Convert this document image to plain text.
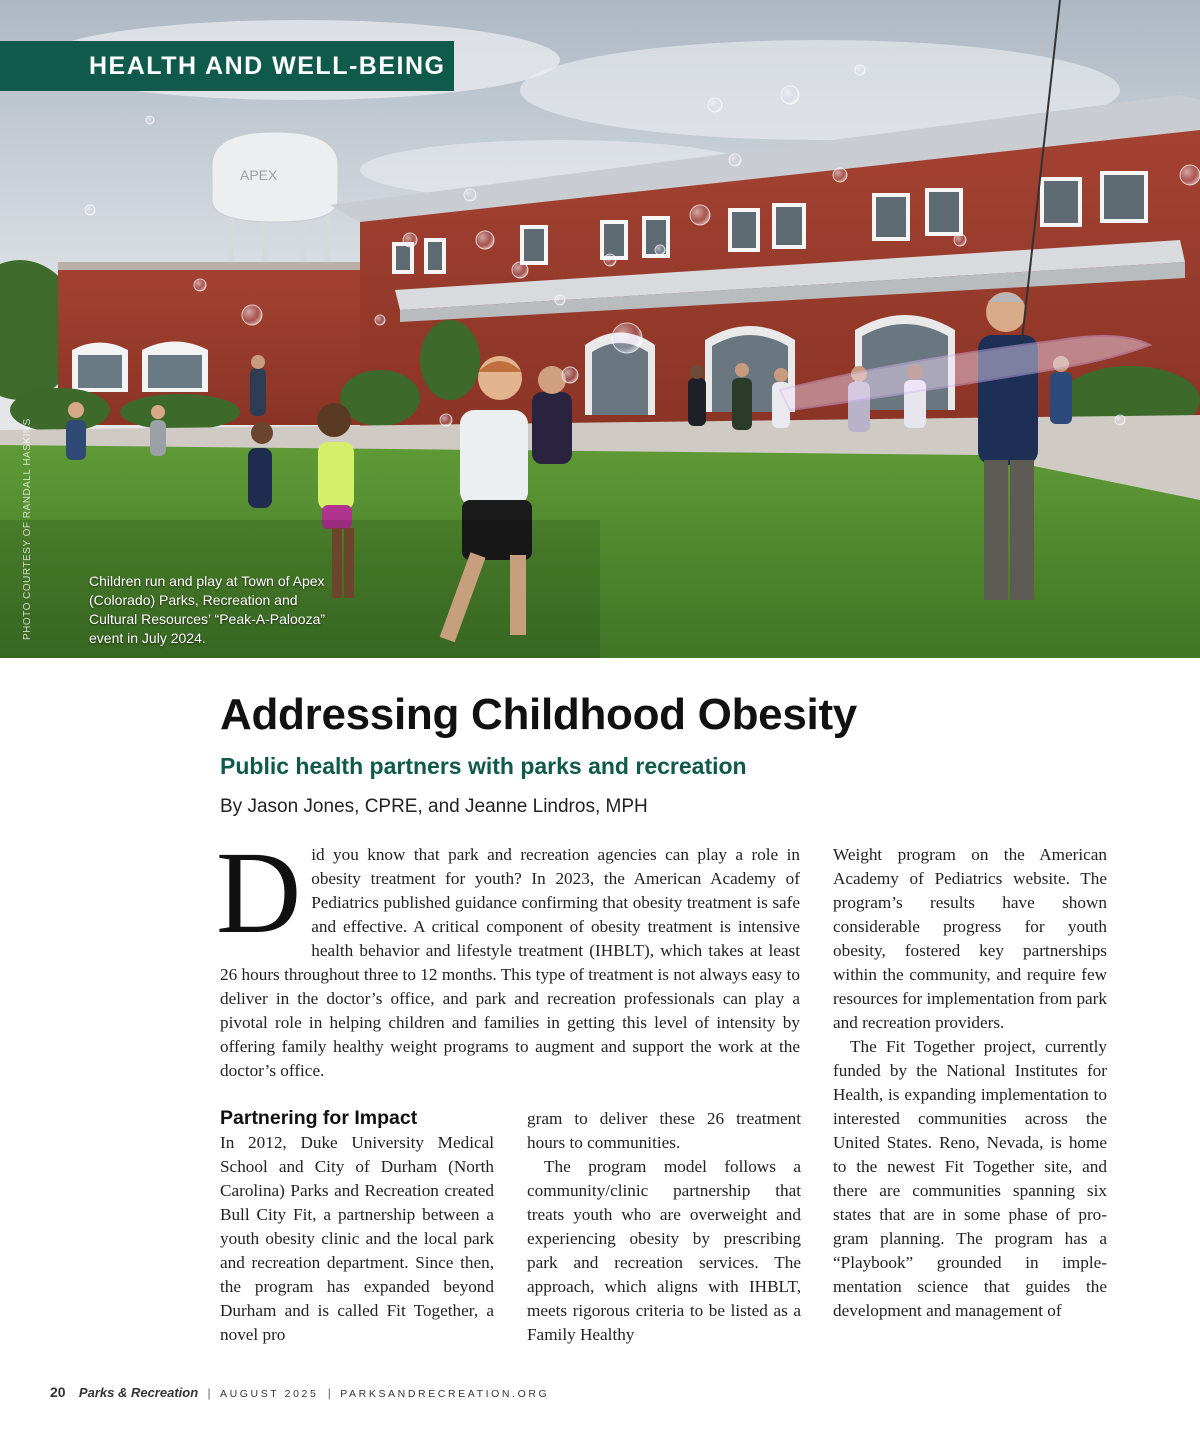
APEX
HEALTH AND WELL-BEING
PHOTO COURTESY OF RANDALL HASKINS	Children run and play at Town of Apex (Colorado) Parks, Recreation and Cultural Resources’ “Peak-A-Palooza” event in July 2024.
Addressing Childhood Obesity
Public health partners with parks and recreation

By Jason Jones, CPRE, and Jeanne Lindros, MPH

D id you know that park and recreation agencies can play a role in obesity treatment for youth? In 2023, the American Academy of Pediatrics published guidance confirming that obesity treatment is safe and effective. A critical component of obesity treatment is intensive health behavior and lifestyle treatment (IHBLT), which takes at least 26 hours throughout three to 12 months. This type of treatment is not always easy to deliver in the doctor’s office, and park and recreation professionals can play a pivotal role in helping children and families in getting this level of intensity by offering family healthy weight programs to augment and support the work at the doctor’s office.
Partnering for Impact

In 2012, Duke University Medical School and City of Durham (North Carolina) Parks and Recreation created Bull City Fit, a partnership between a youth obesity clinic and the local park and recreation department. Since then, the program has expanded beyond Durham and is called Fit Together, a novel pro

gram to deliver these 26 treatment hours to communities.

The program model follows a community/clinic partnership that treats youth who are overweight and experiencing obesity by prescribing park and recreation services. The approach, which aligns with IHBLT, meets rigorous criteria to be listed as a Family Healthy

Weight program on the American Academy of Pediatrics website. The program’s results have shown considerable progress for youth obesity, fostered key partnerships within the community, and require few resources for implementation from park and recreation providers.

The Fit Together project, currently funded by the National Institutes for Health, is expanding implementation to interested communities across the United States. Reno, Nevada, is home to the newest Fit Together site, and there are communities spanning six states that are in some phase of program planning. The program has a “Playbook” grounded in implementation science that guides the development and management of

20 Parks & Recreation | AUGUST 2025 | PARKSANDRECREATION.ORG
